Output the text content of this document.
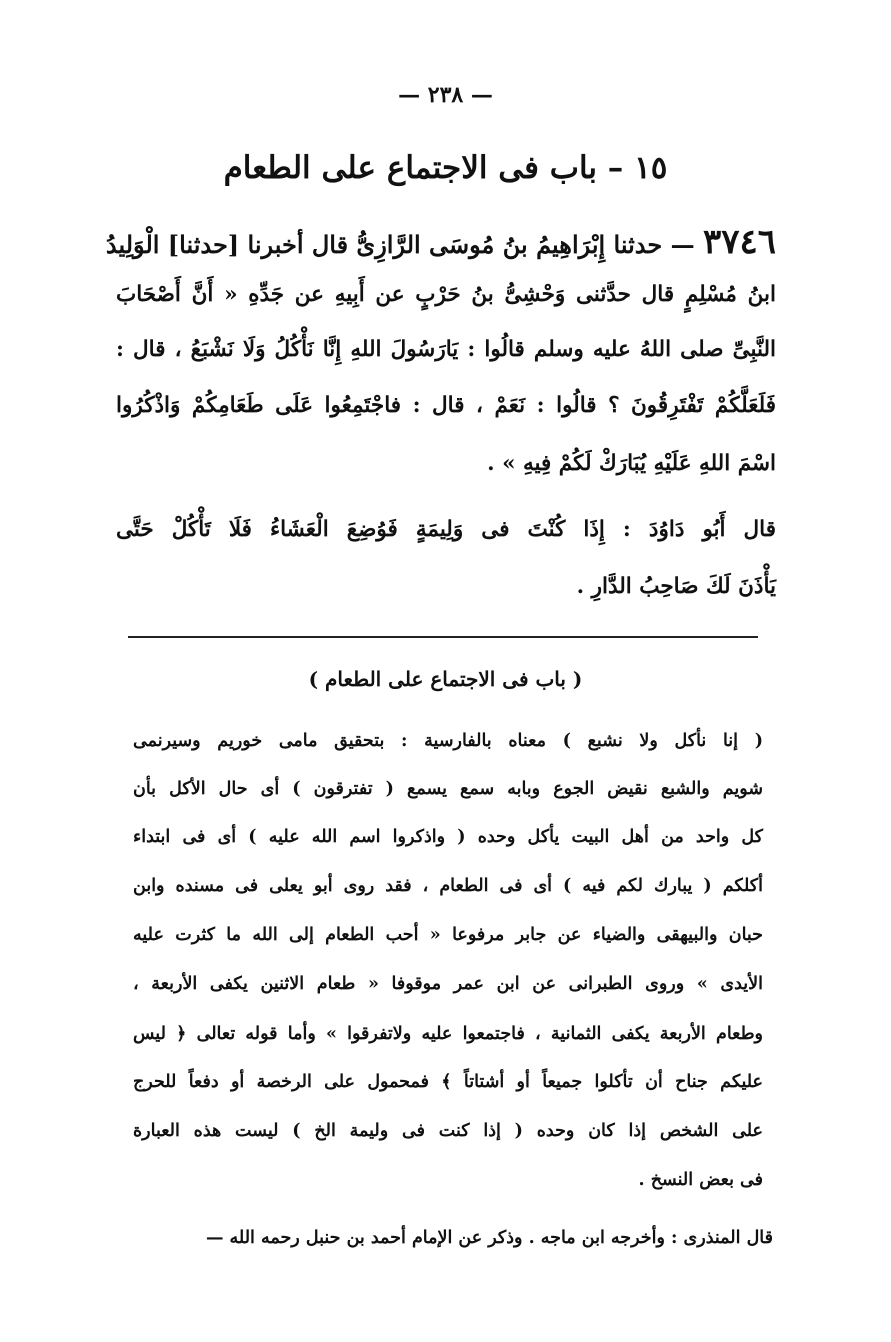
— ٢٣٨ —
١٥ – باب فى الاجتماع على الطعام
٣٧٤٦ — حدثنا إِبْرَاهِيمُ بنُ مُوسَى الرَّازِىُّ قال أخبرنا [حدثنا] الْوَلِيدُ
ابنُ مُسْلِمٍ قال حدَّثنى وَحْشِىُّ بنُ حَرْبٍ عن أَبِيهِ عن جَدِّهِ « أَنَّ أَصْحَابَ
النَّبِىِّ صلى اللهُ عليه وسلم قالُوا : يَارَسُولَ اللهِ إِنَّا نَأْكُلُ وَلَا نَشْبَعُ ، قال :
فَلَعَلَّكُمْ تَفْتَرِقُونَ ؟ قالُوا : نَعَمْ ، قال : فاجْتَمِعُوا عَلَى طَعَامِكُمْ وَاذْكُرُوا
اسْمَ اللهِ عَلَيْهِ يُبَارَكْ لَكُمْ فِيهِ » .
قال أَبُو دَاوُدَ : إِذَا كُنْتَ فى وَلِيمَةٍ فَوُضِعَ الْعَشَاءُ فَلَا تَأْكُلْ حَتَّى
يَأْذَنَ لَكَ صَاحِبُ الدَّارِ .
( باب فى الاجتماع على الطعام )
( إنا نأكل ولا نشبع ) معناه بالفارسية : بتحقيق مامى خوريم وسيرنمى
شويم والشبع نقيض الجوع وبابه سمع يسمع ( تفترقون ) أى حال الأكل بأن
كل واحد من أهل البيت يأكل وحده ( واذكروا اسم الله عليه ) أى فى ابتداء
أكلكم ( يبارك لكم فيه ) أى فى الطعام ، فقد روى أبو يعلى فى مسنده وابن
حبان والبيهقى والضياء عن جابر مرفوعا « أحب الطعام إلى الله ما كثرت عليه
الأيدى » وروى الطبرانى عن ابن عمر موقوفا « طعام الاثنين يكفى الأربعة ،
وطعام الأربعة يكفى الثمانية ، فاجتمعوا عليه ولاتفرقوا » وأما قوله تعالى ﴿ ليس
عليكم جناح أن تأكلوا جميعاً أو أشتاتاً ﴾ فمحمول على الرخصة أو دفعاً للحرج
على الشخص إذا كان وحده ( إذا كنت فى وليمة الخ ) ليست هذه العبارة
فى بعض النسخ .
قال المنذرى : وأخرجه ابن ماجه . وذكر عن الإمام أحمد بن حنبل رحمه الله —
